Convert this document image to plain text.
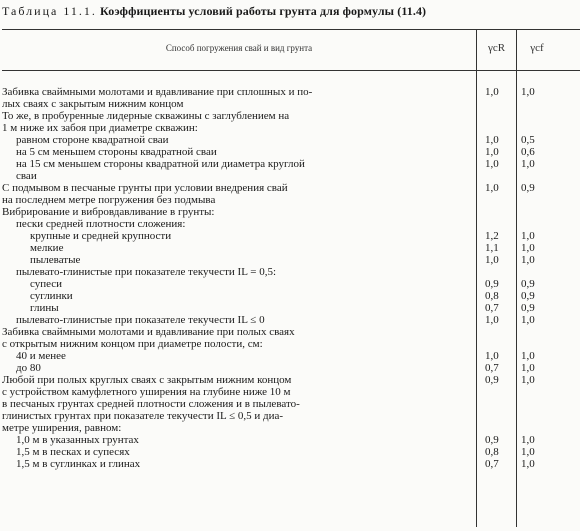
Таблица 11.1. Коэффициенты условий работы грунта для формулы (11.4)
Способ погружения свай и вид грунта	γcR	γcf
Забивка сваймными молотами и вдавливание при сплошных и по-	1,0	1,0
лых сваях с закрытым нижним концом
То же, в пробуренные лидерные скважины с заглублением на
1 м ниже их забоя при диаметре скважин:
равном стороне квадратной сваи	1,0	0,5
на 5 см меньшем стороны квадратной сваи	1,0	0,6
на 15 см меньшем стороны квадратной или диаметра круглой	1,0	1,0
сваи
С подмывом в песчаные грунты при условии внедрения свай	1,0	0,9
на последнем метре погружения без подмыва
Вибрирование и вибровдавливание в грунты:
пески средней плотности сложения:
крупные и средней крупности	1,2	1,0
мелкие	1,1	1,0
пылеватые	1,0	1,0
пылевато-глинистые при показателе текучести IL = 0,5:
супеси	0,9	0,9
суглинки	0,8	0,9
глины	0,7	0,9
пылевато-глинистые при показателе текучести IL ≤ 0	1,0	1,0
Забивка сваймными молотами и вдавливание при полых сваях
с открытым нижним концом при диаметре полости, см:
40 и менее	1,0	1,0
до 80	0,7	1,0
Любой при полых круглых сваях с закрытым нижним концом	0,9	1,0
с устройством камуфлетного уширения на глубине ниже 10 м
в песчаных грунтах средней плотности сложения и в пылевато-
глинистых грунтах при показателе текучести IL ≤ 0,5 и диа-
метре уширения, равном:
1,0 м в указанных грунтах	0,9	1,0
1,5 м в песках и супесях	0,8	1,0
1,5 м в суглинках и глинах	0,7	1,0
